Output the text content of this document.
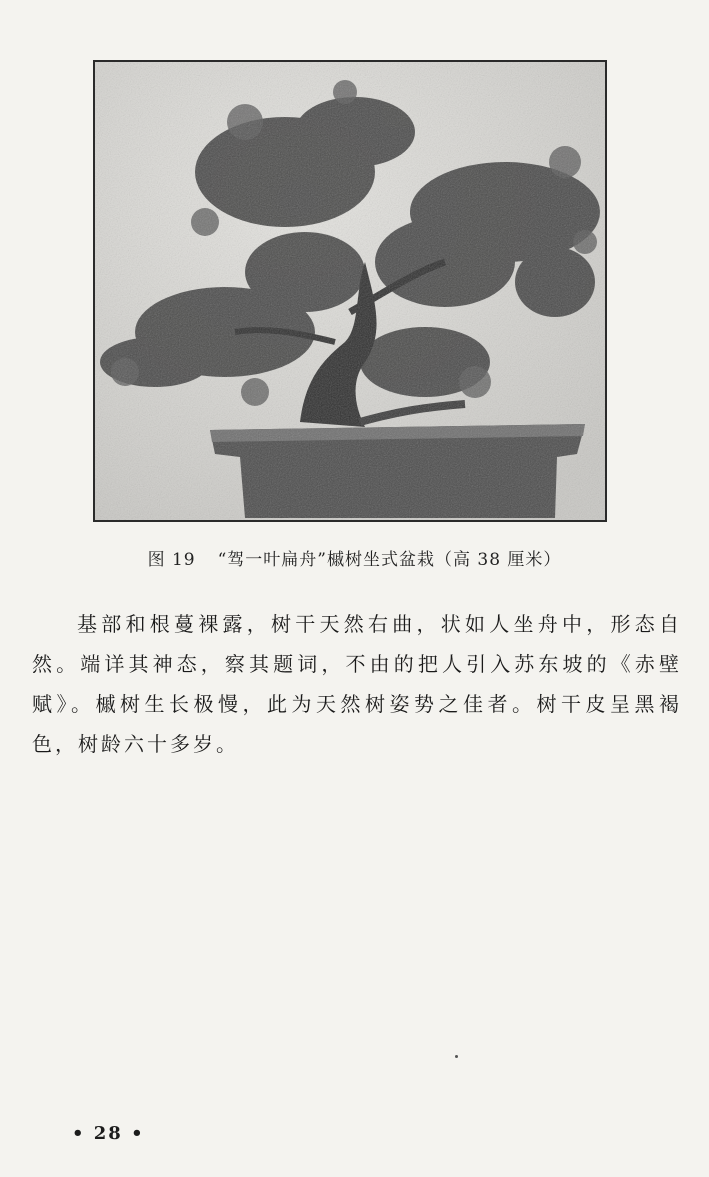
图 19 “驾一叶扁舟”槭树坐式盆栽（高 38 厘米）

基部和根蔓裸露，树干天然右曲，状如人坐舟中，形态自然。端详其神态，察其题词，不由的把人引入苏东坡的《赤壁赋》。槭树生长极慢，此为天然树姿势之佳者。树干皮呈黑褐色，树龄六十多岁。

• 28 •
